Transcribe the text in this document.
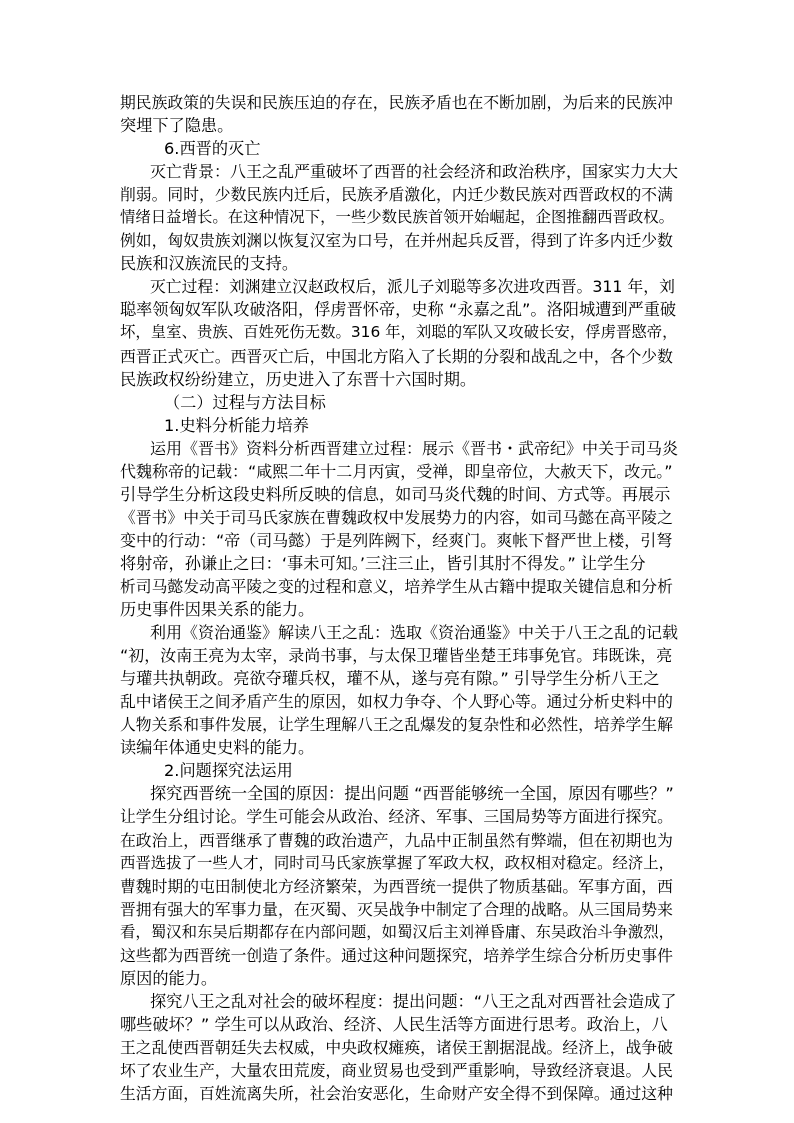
期民族政策的失误和民族压迫的存在，民族矛盾也在不断加剧，为后来的民族冲

突埋下了隐患。

6.西晋的灭亡

灭亡背景：八王之乱严重破坏了西晋的社会经济和政治秩序，国家实力大大

削弱。同时，少数民族内迁后，民族矛盾激化，内迁少数民族对西晋政权的不满

情绪日益增长。在这种情况下，一些少数民族首领开始崛起，企图推翻西晋政权。

例如，匈奴贵族刘渊以恢复汉室为口号，在并州起兵反晋，得到了许多内迁少数

民族和汉族流民的支持。

灭亡过程：刘渊建立汉赵政权后，派儿子刘聪等多次进攻西晋。311 年，刘

聪率领匈奴军队攻破洛阳，俘虏晋怀帝，史称 “永嘉之乱”。洛阳城遭到严重破

坏，皇室、贵族、百姓死伤无数。316 年，刘聪的军队又攻破长安，俘虏晋愍帝，

西晋正式灭亡。西晋灭亡后，中国北方陷入了长期的分裂和战乱之中，各个少数

民族政权纷纷建立，历史进入了东晋十六国时期。

（二）过程与方法目标

1.史料分析能力培养

运用《晋书》资料分析西晋建立过程：展示《晋书・武帝纪》中关于司马炎

代魏称帝的记载：“咸熙二年十二月丙寅，受禅，即皇帝位，大赦天下，改元。”

引导学生分析这段史料所反映的信息，如司马炎代魏的时间、方式等。再展示

《晋书》中关于司马氏家族在曹魏政权中发展势力的内容，如司马懿在高平陵之

变中的行动：“帝（司马懿）于是列阵阙下，经爽门。爽帐下督严世上楼，引弩

将射帝，孙谦止之曰：‘事未可知。’三注三止，皆引其肘不得发。” 让学生分

析司马懿发动高平陵之变的过程和意义，培养学生从古籍中提取关键信息和分析

历史事件因果关系的能力。

利用《资治通鉴》解读八王之乱：选取《资治通鉴》中关于八王之乱的记载

“初，汝南王亮为太宰，录尚书事，与太保卫瓘皆坐楚王玮事免官。玮既诛，亮

与瓘共执朝政。亮欲夺瓘兵权，瓘不从，遂与亮有隙。” 引导学生分析八王之

乱中诸侯王之间矛盾产生的原因，如权力争夺、个人野心等。通过分析史料中的

人物关系和事件发展，让学生理解八王之乱爆发的复杂性和必然性，培养学生解

读编年体通史史料的能力。

2.问题探究法运用

探究西晋统一全国的原因：提出问题 “西晋能够统一全国，原因有哪些？”

让学生分组讨论。学生可能会从政治、经济、军事、三国局势等方面进行探究。

在政治上，西晋继承了曹魏的政治遗产，九品中正制虽然有弊端，但在初期也为

西晋选拔了一些人才，同时司马氏家族掌握了军政大权，政权相对稳定。经济上，

曹魏时期的屯田制使北方经济繁荣，为西晋统一提供了物质基础。军事方面，西

晋拥有强大的军事力量，在灭蜀、灭吴战争中制定了合理的战略。从三国局势来

看，蜀汉和东吴后期都存在内部问题，如蜀汉后主刘禅昏庸、东吴政治斗争激烈，

这些都为西晋统一创造了条件。通过这种问题探究，培养学生综合分析历史事件

原因的能力。

探究八王之乱对社会的破坏程度：提出问题：“八王之乱对西晋社会造成了

哪些破坏？” 学生可以从政治、经济、人民生活等方面进行思考。政治上，八

王之乱使西晋朝廷失去权威，中央政权瘫痪，诸侯王割据混战。经济上，战争破

坏了农业生产，大量农田荒废，商业贸易也受到严重影响，导致经济衰退。人民

生活方面，百姓流离失所，社会治安恶化，生命财产安全得不到保障。通过这种
